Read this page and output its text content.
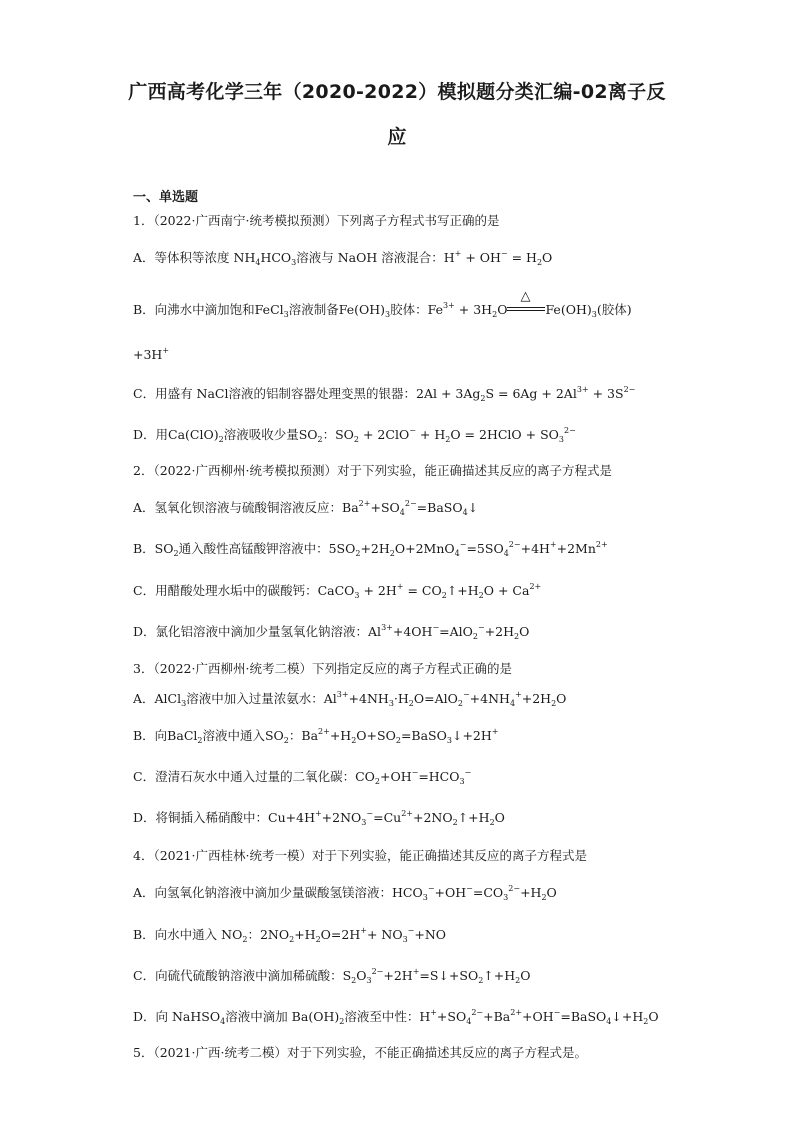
广西高考化学三年（2020-2022）模拟题分类汇编-02离子反
应
一、单选题
1．（2022·广西南宁·统考模拟预测）下列离子方程式书写正确的是
A．等体积等浓度 $NH_4HCO_3$溶液与 NaOH 溶液混合：$H^+ + OH^- = H_2O$
B．向沸水中滴加饱和FeCl$_3$溶液制备$Fe(OH)_3$胶体：$Fe^{3+} + 3H_2O$
△
$Fe(OH)_3$(胶体)
+3H+
C．用盛有 NaCl溶液的铝制容器处理变黑的银器：$2Al + 3Ag_2S = 6Ag + 2Al^{3+} + 3S^{2-}$
D．用$Ca(ClO)_2$溶液吸收少量$SO_2$：$SO_2 + 2ClO^- + H_2O$ = 2HClO + $SO_3^{2-}$
2．（2022·广西柳州·统考模拟预测）对于下列实验，能正确描述其反应的离子方程式是
A．氢氧化钡溶液与硫酸铜溶液反应：$Ba^{2+}+SO_4^{2-}=BaSO_4↓$
B．$SO_2$通入酸性高锰酸钾溶液中：$5SO_2+2H_2O+2MnO_4^-=5SO_4^{2-}+4H^++2Mn^{2+}$
C．用醋酸处理水垢中的碳酸钙：CaCO$_3$ + $2H^+ = CO_2↑+H_2O + Ca^{2+}$
D．氯化铝溶液中滴加少量氢氧化钠溶液：$Al^{3+}+4OH^-=AlO_2^-+2H_2O$
3．（2022·广西柳州·统考二模）下列指定反应的离子方程式正确的是
A．AlCl$_3$溶液中加入过量浓氨水：$Al^{3+}+4NH_3\cdot H_2O=AlO_2^-+4NH_4^++2H_2O$
B．向BaCl$_2$溶液中通入$SO_2$：$Ba^{2+}+H_2O+SO_2=BaSO_3↓+2H^+$
C．澄清石灰水中通入过量的二氧化碳：$CO_2+OH^-=HCO_3^-$
D．将铜插入稀硝酸中：$Cu+4H^++2NO_3^-=Cu^{2+}+2NO_2↑+H_2O$
4．（2021·广西桂林·统考一模）对于下列实验，能正确描述其反应的离子方程式是
A．向氢氧化钠溶液中滴加少量碳酸氢镁溶液：$HCO_3^-+OH^-=CO_3^{2-}+H_2O$
B．向水中通入 $NO_2$：$2NO_2+H_2O=2H^++ NO_3^-+NO$
C．向硫代硫酸钠溶液中滴加稀硫酸：$S_2O_3^{2-}+2H^+=S↓+SO_2↑+H_2O$
D．向 NaHSO$_4$溶液中滴加 $Ba(OH)_2$溶液至中性：$H^++SO_4^{2-}+Ba^{2+}+OH^-=BaSO_4↓+H_2O$
5．（2021·广西·统考二模）对于下列实验，不能正确描述其反应的离子方程式是。
